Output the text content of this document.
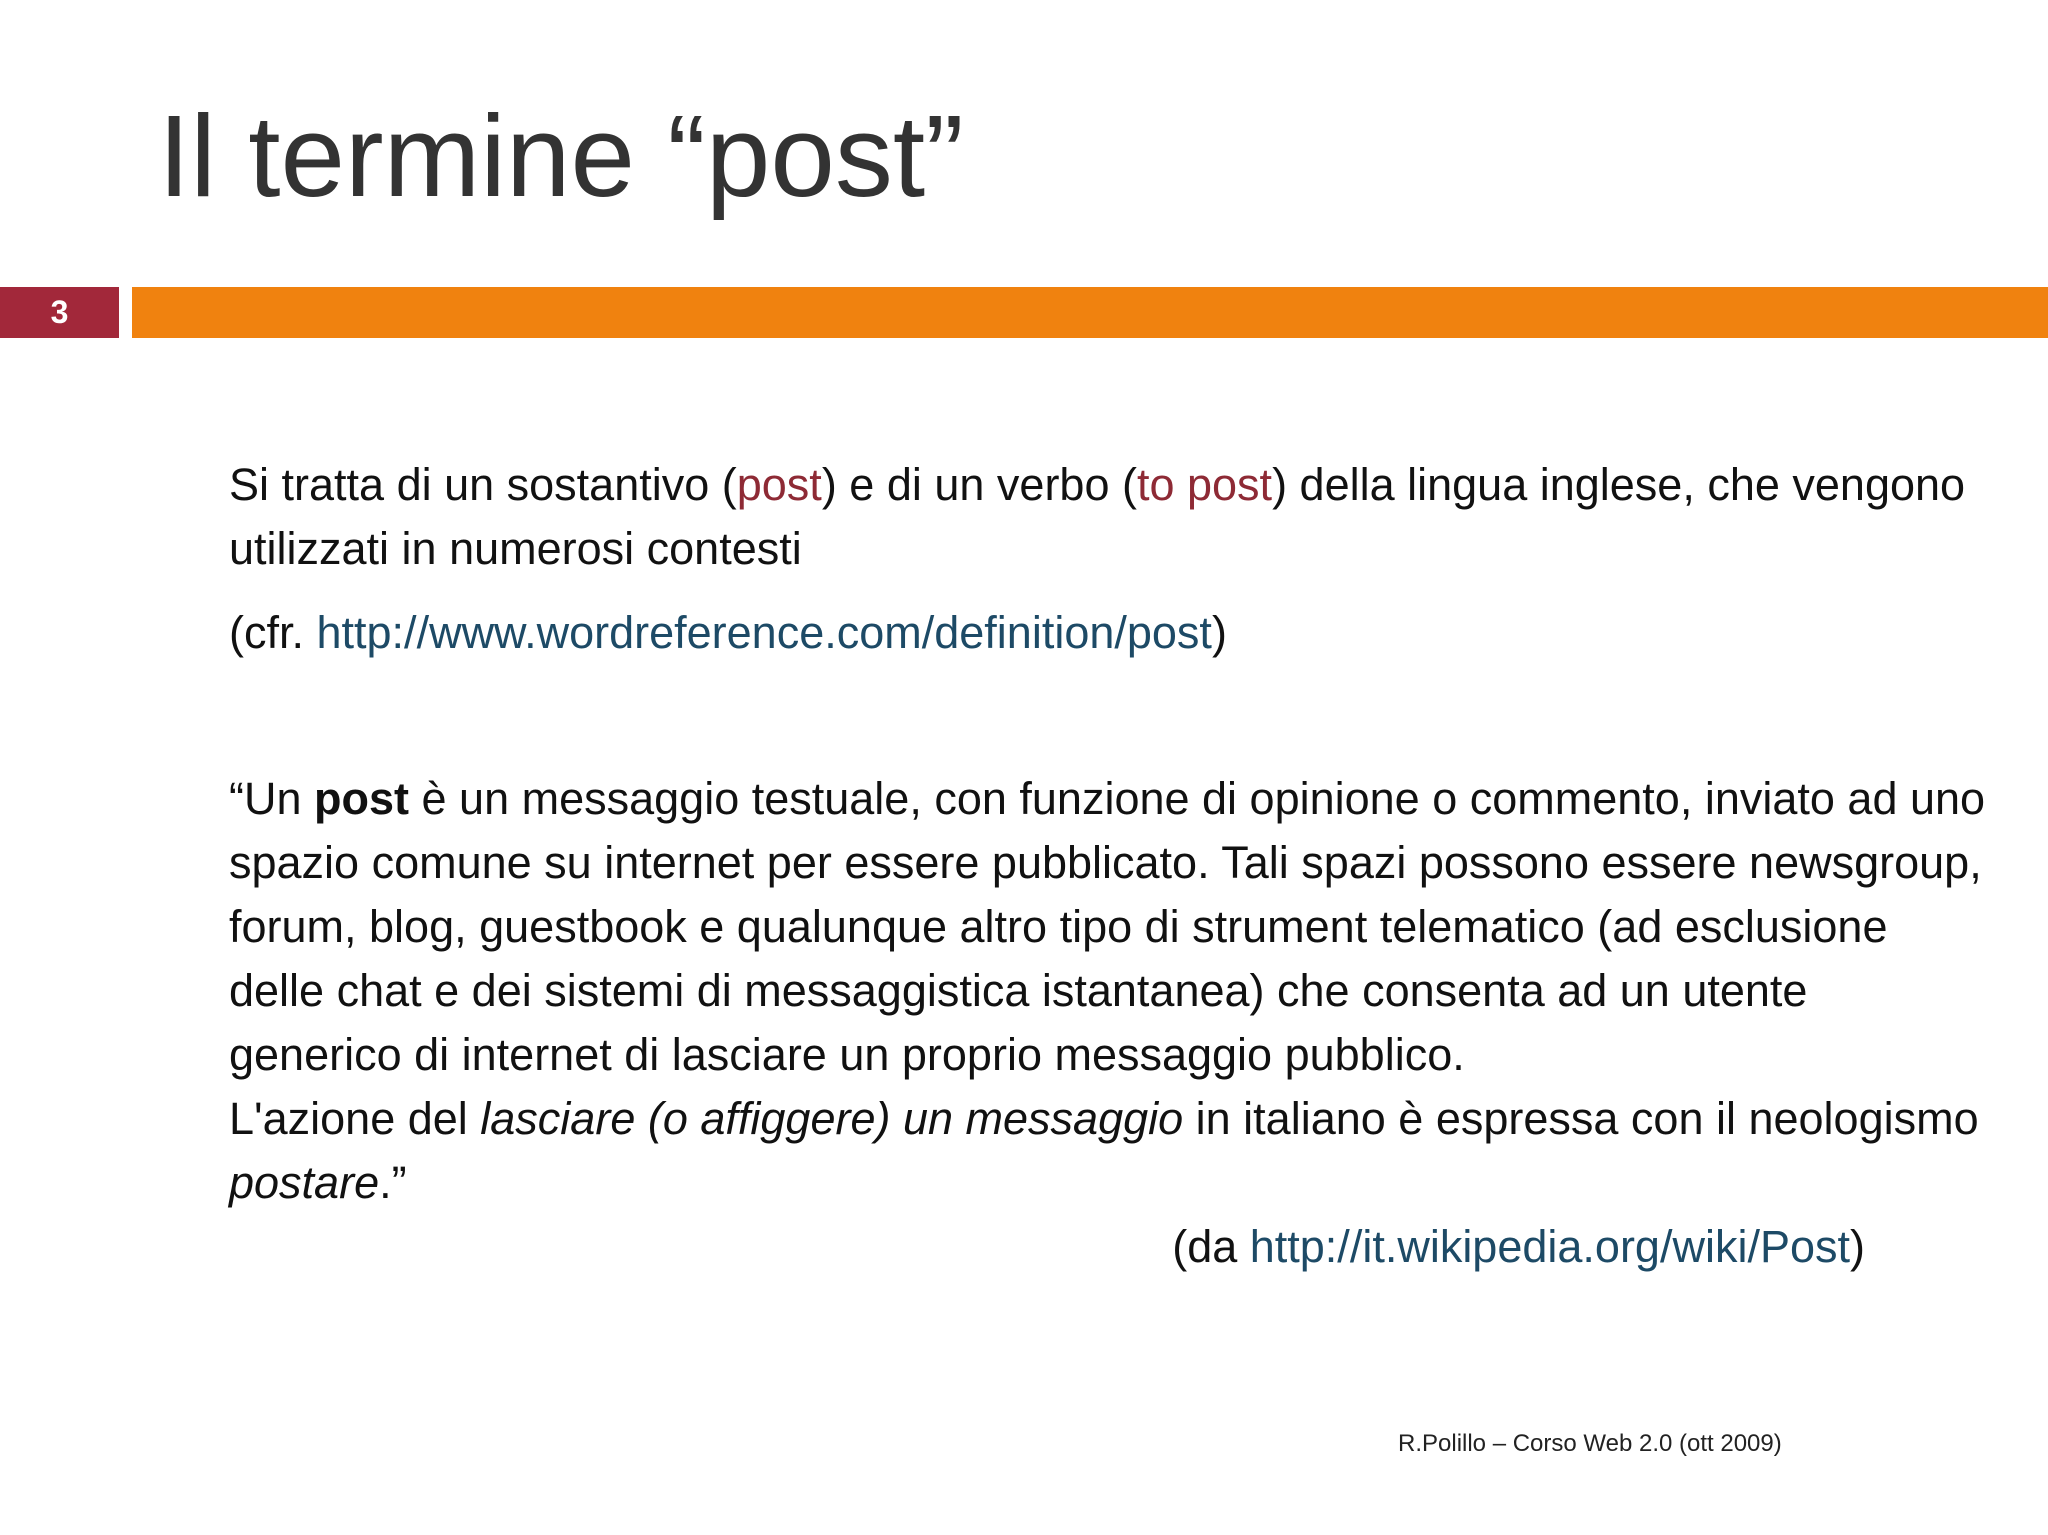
Il termine “post”
3

Si tratta di un sostantivo (post) e di un verbo (to post) della lingua inglese, che vengono utilizzati in numerosi contesti

(cfr. http://www.wordreference.com/definition/post)

“Un post è un messaggio testuale, con funzione di opinione o commento, inviato ad uno spazio comune su internet per essere pubblicato. Tali spazi possono essere newsgroup, forum, blog, guestbook e qualunque altro tipo di strument telematico (ad esclusione delle chat e dei sistemi di messaggistica istantanea) che consenta ad un utente generico di internet di lasciare un proprio messaggio pubblico.
L'azione del lasciare (o affiggere) un messaggio in italiano è espressa con il neologismo postare.”

(da http://it.wikipedia.org/wiki/Post)

R.Polillo – Corso Web 2.0 (ott 2009)
